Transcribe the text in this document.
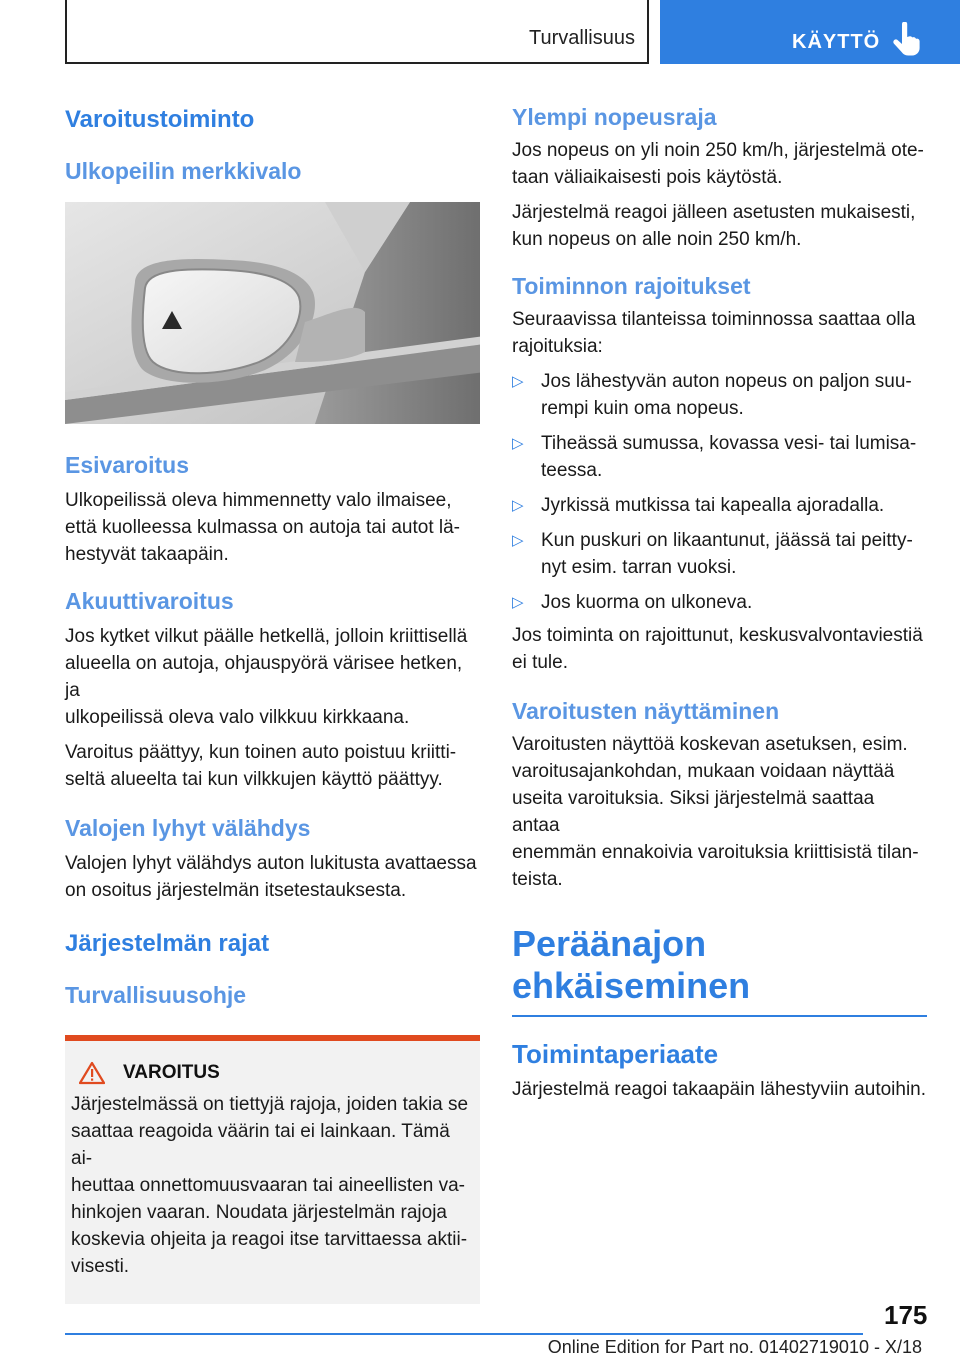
Turvallisuus	KÄYTTÖ
Varoitustoiminto
Ulkopeilin merkkivalo
Esivaroitus

Ulkopeilissä oleva himmennetty valo ilmaisee,
että kuolleessa kulmassa on autoja tai autot lä‐
hestyvät takaapäin.

Akuuttivaroitus

Jos kytket vilkut päälle hetkellä, jolloin kriittisellä
alueella on autoja, ohjauspyörä värisee hetken, ja
ulkopeilissä oleva valo vilkkuu kirkkaana.

Varoitus päättyy, kun toinen auto poistuu kriitti‐
seltä alueelta tai kun vilkkujen käyttö päättyy.

Valojen lyhyt välähdys

Valojen lyhyt välähdys auton lukitusta avattaessa
on osoitus järjestelmän itsetestauksesta.

Järjestelmän rajat
Turvallisuusohje
VAROITUS

Järjestelmässä on tiettyjä rajoja, joiden takia se
saattaa reagoida väärin tai ei lainkaan. Tämä ai‐
heuttaa onnettomuusvaaran tai aineellisten va‐
hinkojen vaaran. Noudata järjestelmän rajoja
koskevia ohjeita ja reagoi itse tarvittaessa aktii‐
visesti.

Ylempi nopeusraja

Jos nopeus on yli noin 250 km/h, järjestelmä ote‐
taan väliaikaisesti pois käytöstä.

Järjestelmä reagoi jälleen asetusten mukaisesti,
kun nopeus on alle noin 250 km/h.

Toiminnon rajoitukset

Seuraavissa tilanteissa toiminnossa saattaa olla
rajoituksia:

▷ Jos lähestyvän auton nopeus on paljon suu‐
rempi kuin oma nopeus.
▷ Tiheässä sumussa, kovassa vesi- tai lumisa‐
teessa.
▷ Jyrkissä mutkissa tai kapealla ajoradalla.
▷ Kun puskuri on likaantunut, jäässä tai peitty‐
nyt esim. tarran vuoksi.
▷ Jos kuorma on ulkoneva.

Jos toiminta on rajoittunut, keskusvalvontaviestiä
ei tule.

Varoitusten näyttäminen

Varoitusten näyttöä koskevan asetuksen, esim.
varoitusajankohdan, mukaan voidaan näyttää
useita varoituksia. Siksi järjestelmä saattaa antaa
enemmän ennakoivia varoituksia kriittisistä tilan‐
teista.

Peräänajon ehkäiseminen
Toimintaperiaate

Järjestelmä reagoi takaapäin lähestyviin autoihin.

175
Online Edition for Part no. 01402719010 - X/18
